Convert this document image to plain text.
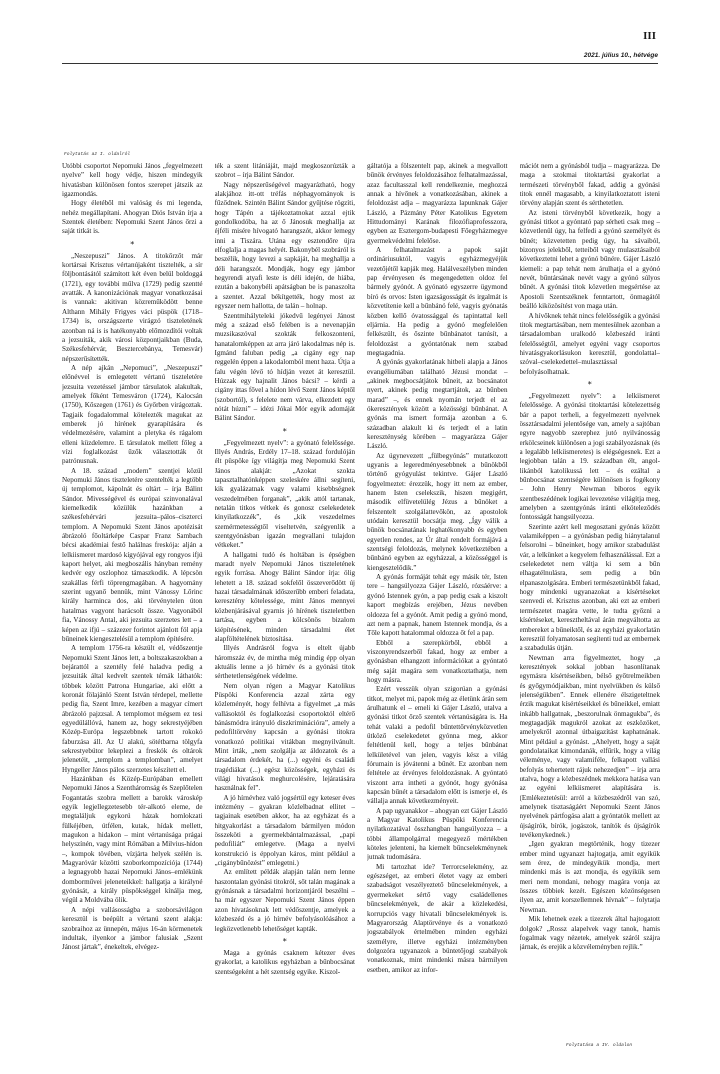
III
2021. július 10., hétvége
Folytatás az I. oldalról

Utóbbi csoportot Nepomuki János „fegyelmezett nyelve” kell hogy védje, hiszen mindegyik hivatásban különösen fontos szerepet játszik az igazmondás.

Hogy életéből mi valóság és mi legenda, nehéz megállapítani. Ahogyan Diós István írja a Szentek életében: Nepomuki Szent János őrzi a saját titkát is.

*

„Neszepuszi” János. A titokőrzőt már kortársai Krisztus vértanújaként tisztelték, a sír följbontásától számított két éven belül boldoggá (1721), egy további műlva (1729) pedig szentté avatták. A kanonizációnak magyar vonatkozásai is vannak: akitivan közreműködött benne Althann Mihály Frigyes váci püspök (1718–1734) is, országszerte virágzó tiszteletének azonban ná is is hatékonyabb előmozdítói voltak a jezsuiták, akik városi központjaikban (Buda, Székesfehérvár, Besztercebánya, Temesvár) népszerűsítették.

A nép ajkán „Nepomuci”, „Neszepuszi” előnévvel is emlegetett vértanú tiszteletére jezsuita vezetéssel jámbor társulatok alakultak, amelyek főként Temesváron (1724), Kalocsán (1750), Kőszegen (1761) és Győrben virágoztak. Tagjaik fogadalommal kötelezték magukat az emberek jó hírének gyarapítására és védelmezésére, valamint a pletyka és rágalom elleni küzdelemre. E társulatok mellett főleg a vízi foglalkozást űzők választották őt patrónusnak.

A 18. század „modern” szentjei közül Nepomuki János tiszteletére szentelték a legtöbb új templomot, kápolnát és oltárt – írja Bálint Sándor. Mivességével és európai szinvonalával kiemelkedik közülük hazánkban a székesfehérvári jezsuita–pálos–ciszterci templom. A Nepomuki Szent János apotézisát ábrázoló főoltárképe Caspar Franz Sambach bécsi akadémiai festő halálnas freskója: alján a lelkiismeret mardosó kígyójával egy rongyos ifjú kaport helyet, aki megboszális hányban remény kedvér egy oszlophoz támaszkodik. A lépcsön szakállas férfi töprengmagában. A hagyomány szerint ugyanő bennük, mint Vánossy Lőrinc király harminca dos, aki törvénytelen úton hatalmas vagyont harácsolt össze. Vagyonából fia, Vánossy Antal, aki jezsuita szerzetes lett – a képen az ifjú – százezer forintot ajánlott föl apja bűneinek kiengesztelésül a templom építésére.

A templom 1756-ra készült el, védőszentje Nepomuki Szent János lett, a boltszakaszokban a bejárattól a szentély felé haladva pedig a jezsuiták által kedvelt szentek témák láthatók: többek között Patrona Hungariae, aki előtt a koronát fölajánló Szent István térdepel, mellette pedig fia, Szent Imre, kezében a magyar címert ábrázoló pajzzsal. A templomot mégsem ez tesi egyedülállóvá, hanem az, hogy sekrestyéjében Közép-Európa legszebbnek tartott rokokó faburzása áll. Az U alakú, sötétbarna tölgyfa sekrestyebútor lekeplezi a freskók és oltárok jelenetéit, „templom a templomban”, amelyet Hyngeller János pálos szerzetes készített el.

Hazánkban és Közép-Európában emellett Nepomuki János a Szentháromság és Szeplőtelen Fogantatás szobra mellett a barokk városkép egyik legjellegzetesebb tér-alkotó eleme, de megtaláljuk egykorú házak homlokzati fülkéjében, útfélen, kutak, hídak mellett, magukon a hidakon – mint vértanúsága prágai helyszínén, vagy mint Rómában a Milvius-hídon –, kompok tövében, vízjárta helyek szélén is. Magyaróvár közötti szoborkompozíciója (1744) a legnagyobb hazai Nepomuki János–emlékünk domborművei jeleneteikkel: hallgatja a királyné gyónását, a király püspökséggel kínálja meg, végül a Moldvába ölik.

A népi vallásosságba a szoborsávilágon keresztül is beépült a vértanú szent alakja: szobraihoz az ünnepén, május 16-án körmenetek indultak, ilyenkor a jámbor falusiak „Szent Jánost jártak”, énekeltek, elvégez-

ték a szent litániáját, majd megkoszorúzták a szobrot – írja Bálint Sándor.

Nagy népszerűségével magyarázható, hogy alakjához itt-ott tréfás néphagyományok is fűződnek. Szintén Bálint Sándor gyűjtése rögzíti, hogy Tápén a tájékoztatnokat azzal ejtik gondolkodóba, ha az ő Jánosuk meghallja az éjféli misére hívogató harangszót, akkor lemegy inni a Tiszára. Utána egy esztendőre újra elfoglalja a magas helyét. Bakonybél szobráról is beszélik, hogy levezi a sapkáját, ha meghallja a déli harangszót. Mondják, hogy egy jámbor hegyrendi atyafi leste is déli idején, de hiába, ezután a bakonybéli apátságban be is panaszolta a szentet. Azzal békítgették, hogy most az egyszer nem hallotta, de talán – holnap.

Szentmihályteleki jókedvű legényei Jánost még a század első felében is a nevenapján muzsikaszóval szokták felkoszontení, hanatalomképpen az arra járó lakodalmas nép is. Igmánd faluban pedig „a cigány egy nap reggelén éppen a lakodalomból ment haza. Útja a falu végén lévő tó hídján vezet át keresztül. Húzzak egy hajnalit János bácsi? – kérdi a cigány ittas fővel a hídon lévő Szent János képtől (szobortól), s felelete nem várva, elkezdett egy nótát húzni” – idézi Jókai Mór egyik adomáját Bálint Sándor.

*

„Fegyelmezett nyelv”: a gyónató felelőssége. Illyés András, Erdély 17–18. század fordulóján élt püspöke így világítja meg Nepomuki Szent János alakját: „Azokat szokta tapasztalhatónképpen szeleskére állni segíteni, kik gyalázatnak vagy valami kisebbségnek veszedelmében forganak”, „akik attól tartanak, netalán titkos vétkek és gonosz cselekedetek kinyilatkozzék”, és „kik veszedelmes szemérmetességtől viseltetvén, szégyenlik a szentgyónásban igazán megvallani tulajdon vétkeket.”

A hallgatni tudó és holtában is épségben maradt nyelv Nepomuki János tiszteletének egyik forrása. Ahogy Bálint Sándor írja: ölig lehetett a 18. század sokfelől összeverődött új hazai társadalmának időszerűbb emberi feladata, keresztény kötelessége, mint János mennyei közbenjárásával gyarnis jó hírének tisztelettben tartása, egyben a kölcsönös bizalom kiépítésének, minden társadalmi élet alapföltételének biztosítása.

Illyés Andrásról fogva is eltelt újabb háromszáz év, de mintha még mindig épp olyan aktuális lenne a jó hírnév és a gyónási titok sérthetetlenségének védelme.

Nem olyan régen a Magyar Katolikus Püspöki Konferencia azzal zárta egy közleményét, hogy felhívta a figyelmet „a más vallásoktól és foglalkozási csoportoktól eltérő bánásmódra irányuló diszkriminációra”, amely a pedofiltörvény kapcsán a gyónási titokra vonatkozó politikai vitákban megnyilvánult. Mint írták, „nem szolgálja az áldozatok és a társadalom érdekét, ha (...) egyéni és családi tragédiákat (...) egész közösségek, egyházi és világi hivatások meghurcolésére, lejáratására használnak fel”.

A jó hírnévhez való jogsértül egy keteser éves intézmény – gyakran közlelbadnat ellitet – tagjainak esetében akkor, ha az egyházat és a hitgyakorlást a társadalom bármilyen módon összeköti a gyermekbántalmazással, „papi pedofiliát” emlegetve. (Maga a nyelvi konstrukció is éppolyan káros, mint például a „cigánybűnözést” emlegetni.)

Az említett példák alapján talán nem lenne haszontalan gyónási titokról, sőt talán magának a gyónásnak a társadalmi horizontjáról beszélni – ha már egyszer Nepomuki Szent János éppen azon hivatásoknak lett védőszentje, amelyek a közbeszéd és a jó hírnév befolyásolóásához a legközvetlenebb lehetőséget kapták.

*

Maga a gyónás csaknem kétezer éves gyakorlat, a katolikus egyházban a bűnbocsánat szentségeként a hét szentség egyike. Kiszol-

gáltatója a fölszentelt pap, akinek a megvallott bűnök érvényes feloldozásához felhatalmazással, azaz facultasszal kell rendelkeznie, meghozzá annak a hívőnek a vonatkozásában, akinek a feloldozást adja – magyarázza lapunknak Gájer László, a Pázmány Péter Katolikus Egyetem Hittudományi Karának filozófiaprofesszora, egyben az Esztergom-budapesti Főegyházmegye gyermekvédelmi felelőse.

A felhatalmazást a papok saját ordináriusuktól, vagyis egyházmegyéjük vezetőjétől kapják meg. Halálveszélyben minden pap érvényesen és megengedetten oldoz fel bármely gyónót. A gyónató egyszerre ügymond bíró és orvos: Isten igazságosságát és irgalmát is közvetítenie kell a bűnbánó felé, vagyis gyónatás közben kellő óvatossággal és tapintattal kell eljárnia. Ha pedig a gyónó megfelelően felkészült, és őszinte bűnbánatot tanúsít, a feloldozást a gyóntatónak nem szabad megtagadnia.

A gyónás gyakorlatának hitbeli alapja a János evangéliumában található Jézusi mondat – „akinek megbocsátjátok bűneit, az bocsánatot nyert, akinek pedig megtartjátok, az bűnben marad” –, és ennek nyomán terjedt el az ókeresztények között a közösségi bűnbánat. A gyónás ma ismert formája azonban a 6. században alakult ki és terjedt el a latin kereszténység körében – magyarázza Gájer László.

Az úgynevezett „fülbegyónás” mutatkozott ugyanis a legeredményesebbnek a bűnökből történő gyógyulást tekintve. Gájer László fogyelmeztet: érezzük, hogy itt nem az ember, hanem Isten cselekszik, hiszen megigért, második elfüvetelülég Jézus a bűnöket a felszentelt szolgálattevőkön, az apostolok utódain keresztül bocsátja meg. „Így válik a bűnök bocsánatának leghatékonyabb és egyben egyetlen rendes, az Úr által rendelt formájává a szentségi feloldozás, melynek következtében a bűnbánó egyben az egyházzal, a közösséggel is kiengesztelődik.”

A gyónás formáját tehát egy másik tér, Isten tere – hangsúlyozza Gájer László, rózsáérve: a gyónó Istennek gyón, a pap pedig csak a kiszolt kaport megbízás erejében, Jézus nevében oldozza fel a gyónót. Amit pedig a gyónó mond, azt nem a papnak, hanem Istennek mondja, és a Tőle kapott hatalommal oldozza őt fel a pap.

Ebből a szerepkörből, ebből a viszonyrendszerből fakad, hogy az ember a gyónásban elhangzott információkat a gyóntató még saját magára sem vonatkoztathatja, nem hogy másra.

Ezért vesszük olyan szigorúan a gyónási titkot, melyet mi, papok még az életünk árán sem árulhatunk el – emeli ki Gájer László, utalva a gyónási titkot őrző szentek vértanúságára is. Ha tehát valaki a pedofil bűntettőrvényközvetlen ütköző cselekedetet gyónna meg, akkor feltétlenül kell, hogy a teljes bűnbánat lelkületével van jelen, vagyis kész a világ fórumain is jóvátenni a bűnét. Ez azonban nem feltétele az érvényes feloldozásnak. A gyóntató viszont arra intheti a gyónót, hogy gyónása kapcsán bűnét a társadalom előtt is ismerje el, és vállalja annak következményeit.

A pap ugyanakkor – ahogyan ezt Gájer László a Magyar Katolikus Püspöki Konferencia nyilatkozatával összhangban hangsúlyozza – a többi állampolgárral megegyező mértékben köteles jelenteni, ha kiemelt bűncselekménynek jutnak tudomására.

Mi tartozhat ide? Terrorcselekmény, az egészséget, az emberi életet vagy az emberi szabadságot veszélyeztető bűncselekmények, a gyermekeket sértő vagy családellenes bűncselekmények, de akár a közlekedési, korrupciós vagy hivatali bűncselekmények is. Magyarország Alaptörvénye és a vonatkozó jogszabályok értelmében minden egyházi személyre, illetve egyházi intézményben dolgozóra ugyanazok a büntetőjogi szabályok vonatkoznak, mint mindenki másra bármilyen esetben, amikor az infor-

mációt nem a gyónásból tudja – magyarázza. De maga a szokmai titoktartási gyakorlat a természeti törvényből fakad, addig a gyónási titok ennél magasabb, a kinyilatkoztatott isteni törvény alapján szent és sérthetetlen.

Az isteni törvényből következik, hogy a gyónási titkot a gyóntató pap sérheti csak meg – közvetlenül úgy, ha felfedi a gyónó személyét és bűnét; közvetetten pedig úgy, ha sávaiból, bizonyos jelekből, tetteiből vagy mulasztásaiból következtetni lehet a gyónó bűnére. Gájer László kiemeli: a pap tehát nem árulhatja el a gyónó nevét, bűntársának nevét vagy a gyónó súlyos bűnét. A gyónási titok közvetlen megsértése az Apostoli Szentszéknek fenntartott, önmagától beálló kiközösítést von maga után.

A hívőknek tehát nincs felelősségük a gyónási titok megtartásában, nem mentesülnek azonban a társadalomban uralkodó közbeszéd iránti felelősségtől, amelyet egyéni vagy csoportos hivatásgyakorlásukon keresztül, gondolattal–szóval–cselekedettel–mulasztással befolyásolhatnak.

*

„Fegyelmezett nyelv”: a lelkiismeret felelőssége. A gyónási titoktartási kötelezettség bár a papot terheli, a fegyelmezett nyelvnek össztársadalmi jelentősége van, amely a sajtóban egyre nagyobb szerephez jutó nyilvánosság erkölcseinek különösen a jogi szabályozásnak (és a legalább lelkiismeretes) is elégségesnek. Ezt a legjobban talán a 19. században élt, angollikánból katolikussá lett – és ezáltal a bűnbocsánat szentségére különösen is fogékony – John Henry Newman bíboros egyik szentbeszédének logikai levezetése világítja meg, amelyben a szentgyónás iránti elkötelezõdés fontosságát hangsúlyozza.

Szerinte azért kell megosztani gyónás között valamiképpen – a gyónásban pedig hiánytalanul felsorolni – bűneinket, hogy amikor szabadulást vár, a lelkünket a kegyelem felhasználással. Ezt a cselekedetet nem váltja ki sem a bűn elhagatélnulásra, sem pedig a bűn elpanaszolgására. Emberi természetünkből fakad, hogy mindenki ugyanazokat a kísértéseket szenvedi el. Krisztus azonban, aki ezt az emberi természetet magára vette, le tudta győzni a kísértéseket, keresztheltával árán megváltotta az embereket a bűneiktől, és az egyházi gyakorlatán keresztül folyamatosan segítenti tud az embernek a szabadulás útján.

Newman arra figyelmeztet, hogy „a keresztények sokkal jobban hasonlítanak egymásra kísértéseikben, bélső győtrelmeikben és győgymódjaikban, mint nyelvükben és külső jelenségükben”. Ennek ellenére élszigeteltnek érzik magukat kísértéseikkel és bűneikkel, emiatt inkább hallgatnak, „beszorulnak önmagukba”, és megtagadják magukról azokat az eszközöket, amelyekről azonnal útbaigazítást kaphatnának. Mint például a gyónást. „Ahelyett, hogy a saját gondolataikat kimondanák, elfűrik, hogy a világ véleménye, vagy valamiféle, felkapott vallási befolyás tehertetett rájuk nehezedjen” – írja arra utalva, hogy a közbeszédnek mekkora hatása van az egyéni lelkiismeret alapítására is. (Emlékeztetésül: arról a közbeszédről van szó, amelynek tisztaságáért Nepomuki Szent János nyelvének pártfogása alatt a gyóntatók mellett az újságírók, bírók, jogászok, tanítók és újságírók tevékenykednek.)

„Igen gyakran megtörténik, hogy tizezer ember mind ugyanazt hajtogatja, amit egyikük sem érez, de mindegyikük mondja, mert mindenki más is azt mondja, és egyikük sem meri nem mondani, nehogy magára vonja az összes többiek kezét. Egészen közönségesen ilyen az, amit korszellemnek hívnak” – folytatja Newman.

Mik lehetnek ezek a tizezrek által hajtogatott dolgok? „Rossz alapelvek vagy tanok, hamis fogalmak vagy nézetek, amelyek száról szájra járnak, és erejük a közvéleményben rejlik.”

Folytatása a IV. oldalon
